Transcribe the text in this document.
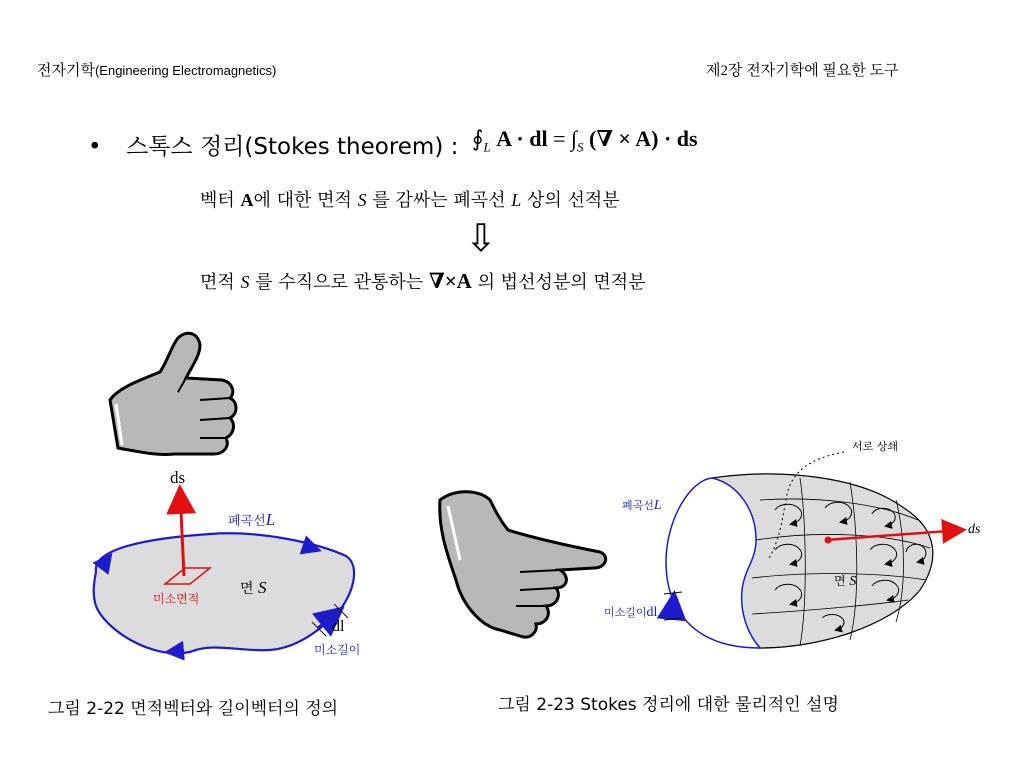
전자기학(Engineering Electromagnetics)	제2장 전자기학에 필요한 도구
• 스톡스 정리(Stokes theorem) : $∮_L$ A · dl = $\int_S$ (∇ × A) · ds
벡터 A에 대한 면적 S 를 감싸는 폐곡선 L 상의 선적분
⇩
면적 S 를 수직으로 관통하는 ∇×A 의 법선성분의 면적분
ds
폐곡선L
면 S
미소면적
dl
미소길이
그림 2-22 면적벡터와 길이벡터의 정의
서로 상쇄
폐곡선L
ds
면 S
미소길이dl
그림 2-23 Stokes 정리에 대한 물리적인 설명
